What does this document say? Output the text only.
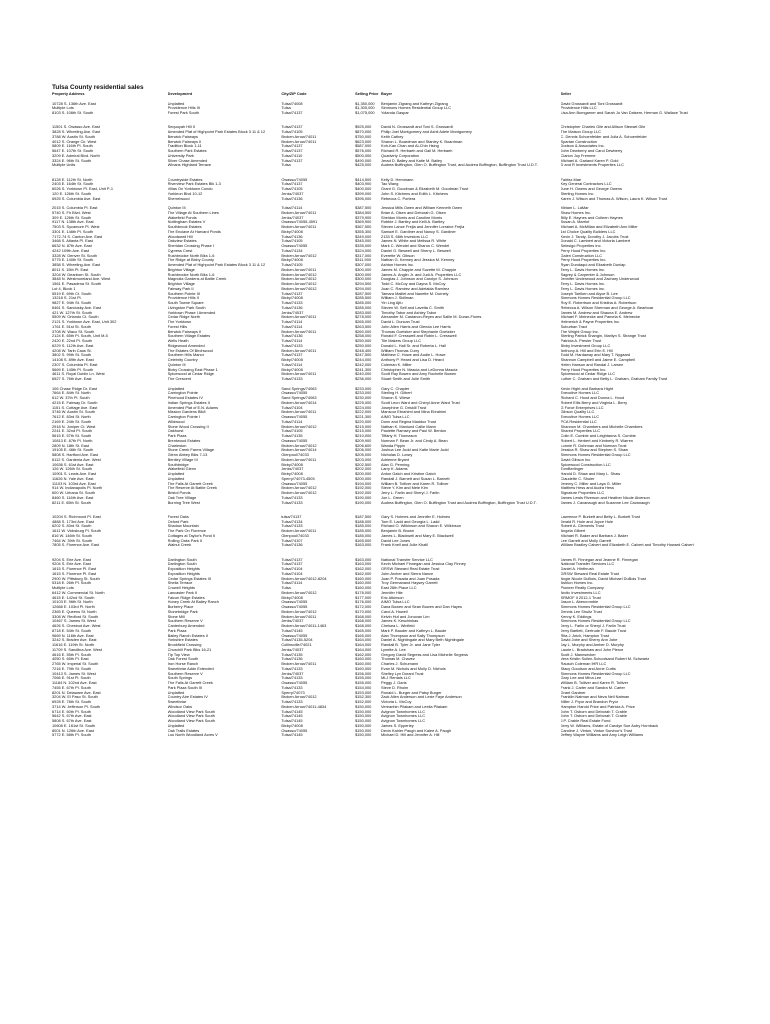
Tulsa County residential sales
Property Address	Development	City/ZIP Code	Selling Price Buyer	Seller
10728 S. 136th Ave. East	Unplatted	Tulsa/74008	$1,350,000	Benjamin Zigrang and Kathryn Zigrang	David Grossardt and Toni Grossardt
Multiple Lots	Providence Hills III	Tulsa	$1,305,000	Simmons Homes Residential Group LLC	Providence Hills LLC
8103 S. 106th St. South	Forest Park South	Tulsa/74137	$1,075,000	Yolanda Gaspar	Lisa Ann Bumgarner and Sarah Jo Van Dalsem, Herman G. Wallace Trust
11501 S. Owasso Ave. East	Sequoyah Hill II	Tulsa/74137	$925,000	David N. Grossardt and Toni S. Grossardt	Christopher Charles Gile and Allison Stewart Gile
3828 S. Wheeling Ave. East	Amended Plat of Highpoint Park Estates Block 3 11 & 12	Tulsa/74105	$870,000	Philip Joel Montgomery and Ashli Adele Montgomery	The Maison Group LLC
3788 W. Austin St. South	Berwick Fairways	Broken Arrow/74011	$750,000	Keith Cathey	C. Dennis Schoenfelder and Julia A. Schoenfelder
4012 S. Orange Cir. West	Berwick Fairways II	Broken Arrow/74011	$623,000	Sharon L. Boardman and Stanley K. Boardman	Spartan Construction
5809 E. 116th Pl. South	Tradition Block 1-11	Tulsa/74137	$587,000	Koh-Kan Chan and Ai-Chin Hsing	Dodson & Associates Inc.
5647 E. 107th St. South	Southern Park Estates	Tulsa/74137	$576,000	Richard R. Herbaeh and Gail M. Herbaeh	John Dewberry and Carol Dewberry
3209 E. Admiral Blvd. North	University Park	Tulsa/74110	$500,000	Quadvirty Corporation	Clarion Joy Fremme
3324 E. 96th St. South	Silver Chase Amended	Tulsa/74137	$490,000	Jerad D. Bailey and Katie M. Bailey	Michael A. Garland Karen P. Gold
Multiple Units	Winans Highland Terrace	Tulsa	$425,000	Audrea Buffington, Glen O. Buffington Trust, and Audrea Buffington, Buffington Trust U.D.T.	D and R Investments Properties LLC
8128 E. 112th St. North	Countryside Estates	Owasso/74055	$414,500	Kelly D. Hemmann	Fairfax Mae
2403 E. 164th St. South	Riverview Park Estates Blk 1-3	Tulsa/74137	$403,900	Tao Wang	Key General Contractors LLC
6026 S. Yorktown Pl. East, Unit P-1	Villas On Yorktown Condo	Tulsa/74105	$400,000	Grant G. Goodman & Elizabeth M. Goodman Trust	June H. Owens and George Owens
120 E. 126th St. South	Yorkleon Blvd 10-12	Jenks/74037	$399,000	John S. Kitchens and Edith L. Kitchens	Sterling Homes Inc.
6925 S. Columbia Ave. East	Sherrelwood	Tulsa/74136	$395,000	Rebecca C. Portera	Karen J. Wilson and Thomas A. Wilson, Laura K. Wilson Trust
2015 S. Columbia Pl. East	Quinton III	Tulsa/74114	$387,500	Jessica Mills Owen and William Kenneth Owen	Miriam L. LaMar
5740 S. Fir Blvd. West	The Village At Southern Lines	Broken Arrow/74011	$384,500	Brian A. Olsen and Deborah G. Olsen	Shaw Homes Inc.
309 E. 126th St. South	Wakefield Ponds	Jenks/74037	$379,900	Sheldon Morris and Caroline Morris	Billy E. Haynes and Colleen Haynes
9117 N. 138th Ave. East	Nottingham Estates V	Owasso/74055-4591	$369,900	Robbie J. Bartley and Kelli A. Bartley	Susan A. Marriot
7503 S. Sycamore Pl. West	Southbrook Estates	Broken Arrow/74011	$367,500	Steven Lance Frejla and Jennifer Lorraine Frejla	Michael A. McMillan and Elizabeth Ann Miller
3301 E. 146th Pl. South	The Enclave At Harvard Ponds	Bixby/74008	$355,300	Samuel E. Gardiner and Nancy S. Gardiner	1st Choice Quality Builders LLC
7172-74 S. Canton Ave. East	Woodward Hill	Tulsa/74136	$349,000	2133 S. 66th Investors LLC	Kevin J. Tandy, Dorothy J. Jacobs Trust
3468 S. Atlanta Pl. East	Oakview Estates	Tulsa/74105	$345,000	James N. White and Melissa R. White	Donald C. Lambert and Victoria Lambert
6632 N. 87th Ave. East	Sheridan Crossing Phase I	Owasso/74055	$335,000	Mark C. Wendel and Sharon C. Wendel	Selesigo Properties Inc.
4242 109th Ave. East	Cypress Crest	Tulsa/74134	$324,000	Daniel G. Beswell and Sherry L. Beswell	Perry Hood Properties Inc.
3328 W. Denver St. South	Rushbrooke North Blks 1-6	Broken Arrow/74012	$317,000	Everette W. Gibson	Galen Construction LLC
5775 E. 140th St. South	The Ridge at Bixby County	Bixby/74008	$311,900	Nathan G. Kenney and Jessica M. Kenney	Perry Hood Properties Inc.
3858 S. Wheeling Ave. East	Amended Plat of Highpoint Park Estates Block 3 11 & 12	Tulsa/74105	$307,000	Ashton Homes Inc.	Ryan Dundaqui and Elizabeth Dunlap
8011 S. 15th Pl. East	Brighton Village	Broken Arrow/74011	$300,000	James M. Chappie and Suzette M. Chappie	Terry L. Davis Homes Inc.
3204 W. Dearborn St. South	Rushbrooke North Blks 1-6	Broken Arrow/74012	$300,000	James A. Anglin Jr. and Judi A. Properties LLC	Sagrey & Carpenter & Johnson
3848 N. Westmoreland Ave. West	Magnolia Gardens at Battle Creek	Broken Arrow/74012	$300,000	Douglas J. Johnson and Carolyn S. Johnson	Jennifer Underwood and Zachary Underwood
1561 E. Pasadena St. South	Brighton Village	Broken Arrow/74012	$294,500	Todd C. McCoy and Dayna S. McCoy	Terry L. Davis Homes Inc.
Lot 4, Block 1	Fairway Park II	Broken Arrow/74012	$294,000	Juan C. Ramirez and Adelaida Ramirez	Terry L. Davis Homes Inc.
5519 E. 69th Ct. South	Southern Pointe III	Tulsa/74137	$287,500	Tamara Maillet and Nanette M. Dornely	Joseph Toelken and Alyce B. Lee
13218 S. 21st Pl.	Providence Hills II	Bixby/74008	$285,500	William J. Skillman	Simmons Homes Residential Group LLC
9827 E. 94th St. South	South Towne Square	Tulsa/74133	$285,000	Yin Ling Ajfu	Roy E. Robertson and Kristina A. Robertson
6461 S. Sandusky Ave. East	Livingston Park South	Tulsa/74136	$285,000	Steven W. Self and Lavetta C. Smith	Rebecca A. Wilson Sherman and George A. Bearboar
421 W. 127th St. South	Yorktown Phase I Amended	Jenks/74037	$283,000	Timothy Tabor and Ashley Tabor	James M. Andrew and Shauna E. Andrew
5509 W. Orlando Ct. South	Cedar Ridge North	Broken Arrow/74011	$278,000	Alexander M. Castanon-Reyes and Sallie M. Duran-Flores	Michael F. Meinecke and Pamela K. Meinecke
2121 S. Yorktown Ave. East, Unit 302	The Yorktown	Tulsa/74114	$265,000	David L. Duncan Trust	Helmerich & Payne Properties Inc.
1761 E. 51st St. South	Forest Hills	Tulsa/74114	$263,500	John Allen Harris and Glenda Lee Harris	Suburban Tract
3708 W. Waco St. South	Berwick Fairways II	Broken Arrow/74011	$260,000	Thomas Goetzker and Stephanie Goetzker	The Wright Group Inc.
2124 E. 65th Pl. South, Unit M-5	Southern Village Estates	Tulsa/74136	$258,000	Ronald F. Cresswell and Robin L. Cresswell	Sterling Patrick Shangin, Marilyn S. Strange Trust
2420 E. 22nd Pl. South	Wells Heath	Tulsa/74114	$250,000	Tile Makers Group LLC	Patricia A. Presler Trust
6229 S. 112th Ave. East	Ridgewood Amended	Tulsa/74133	$250,000	Donald L. Hall Sr. and Roberta L. Hall	Bixby Investment Group LLC
4208 W. Tarin Caus St.	The Estates Of Birchwood	Broken Arrow/74011	$248,400	William Thomas Curry	Anthony A. Hill and Erin E. Hill
3802 S. 99th St. South	Southern Hills Manor	Tulsa/74137	$247,500	Matthew C. Howe and Audie L. Howe	Todd M. Hardaway and Mary T. Nygaard
14108 S. 89th Ave. East	Celebrity Country	Bixby/74008	$244,000	Anthony P. Heard and Lisa D. Heard	Shannon Campbell and Jaime E. Campbell
2307 S. Columbia Pl. East	Quinton III	Tulsa/74114	$242,000	Coleman K. Miller	Helen Hanson and Randal J. Larsen
5669 E. 145th Pl. South	Bixby Crossing East Phase 1	Bixby/74008	$241,300	Christopher N. Mascia and LeDonna Mascia	Perry Hood Properties Inc.
4611 S. Royal Dublin Ln. West	Spicewood at Cedar Ridge	Broken Arrow/74011	$240,000	Scott Ray Bowen and Amy Rochelle Bowen	Spicewood at Cedar Ridge LLC
6527 S. 76th Ave. East	The Crescent	Tulsa/74133	$236,000	Stuart Smith and Julie Smith	Luther C. Graham and Betty L. Graham, Graham Family Trust
106 Chase Ridge Dr. East	Unplatted	Sand Springs/74063	$233,000	Gary C. Chapter	Kevin Hight and Barbara Hight
7664 E. 84th St. North	Carrington Pointe	Owasso/74055	$233,000	Sterling H. Gilbert	Executive Homes LLC
612 W. 37th Pl. South	Pinehood Estates IV	Sand Springs/74063	$230,000	Sharon S. Wiese	Richard C. Hood and Donna L. Hood
4215 E. Fairway Dr. South	Indian Springs Estates II	Broken Arrow/74014	$225,000	Scott Leon Ward and Cheryl Anne Ward Trust	Robert Ellis Berry and Virginia L. Berry
1151 S. Cottage Ave. East	Amended Plat of E.N. Adams	Tulsa/74104	$224,000	Josephine G. Driskill Trust	G Force Enterprises LLC
3746 W. Austin St. South	Mission Gardens Blk8	Broken Arrow/74011	$222,000	Mansour Ebrahimi and Mina Ebrahimi	Gibson Quality LLC
7612 E. 83rd St. North	Carrington Pointe I	Owasso/74055	$221,300	AIMO Tulsa LLC	Executive Homes LLC
2169 E. 24th St. South	Wildwood	Tulsa/74114	$220,000	Donn and Regina Maddox Trust	PCA Residential LLC
2918 N. Juniper Ct. West	Stone Wood Crossing II	Broken Arrow/74012	$215,000	Nathan K. Manlund Callie Mann	Shannon M. Chambers and Michelle Chambers
2241 E. 32nd Pl. South	Oakhurst	Tulsa/74105	$215,000	Paulette Ramsey and Paul W. Benton	Shared Properties LLC
5615 E. 57th St. South	Park Plaza	Tulsa/74135	$210,000	Tiffany H. Thomason	Colin E. Cumbie and Leightanna S. Cumbie
10813 E. 87th Pl. North	Brentwood Estates	Owasso/74055	$209,900	Norman F. Bean Jr. and Cindy A. Bean	Robert L. Herbert and Kimberly R. Warren
2809 N. 18th St. East	Charleston	Broken Arrow/74012	$206,600	Wanda Pippin	Lonnie R. Dohrman and Norman Trust
19105 E. 46th St. South	Stone Creek Farms Village	Broken Arrow/74014	$206,000	Joshua Lee Judd and Katie Marie Judd	Jessica R. Shaw and Stephen S. Shaw
5808 S. Hartford Ave. East	Glenn Abbey Blks 7-13	Glenpool/74033	$205,000	Nicholas D. Lowry	Simmons Homes Residential Group LLC
6112 S. Gardenia Ave. West	Bentley Village III	Broken Arrow/74011	$203,000	Adrienne Bryant	David Gibson Inc.
10636 S. 61st Ave. East	Southbridge	Bixby/74008	$202,500	Alan G. Penning	Spicewood Construction LLC
126 W. 126th St. South	Wakefield Glenn	Jenks/74037	$202,000	Larry K. Adams	TomBerlinger
10901 S. Lewis Ave. East	Unplatted	Bixby/74008	$200,000	Anton Gatch and Kristine Gatch	Harold D. Shaw and Mary L. Shaw
11626 N. Yale Ave. East	Unplatted	Sperry/74073-4505	$200,000	Randall J. Barnett and Susan L. Barnett	Claudette C. Shuler
11103 N. 103rd Ave. East	The Falls At Garrett Creek	Owasso/74055	$194,000	William B. Tolliver and Karen R. Tolliver	Jeremy C. Miller and Laya G. Miller
914 W. Indianapolis Pl. North	The Reserve At Battle Creek	Broken Arrow/74012	$192,000	Steve Y. Kim and Mele Kim	Matthew Hess and Audra Hess
600 W. Urbana St. South	Bristol Ponds	Broken Arrow/74012	$192,000	Jerry L. Farlin and Sheryl J. Farlin	Signature Properties LLC
8460 S. 116th Ave. East	Oak Tree Village	Tulsa/74133	$190,000	Jon L. Green	James Lewis Riverson and Heather Nicole Alverson
8211 E. 65th St. South	Burning Tree West	Tulsa/74133	$190,000	Audrea Buffington, Glen O. Buffington Trust and Audrea Buffington, Buffington Trust U.D.T.	James J. Cavanaugh and Suzanne Lee Cavanaugh
10204 S. Richmond Pl. East	Forest Oaks	tulsa/74137	$187,500	Gary S. Holmes and Jennifer E. Holmes	Lawrence P. Burkett and Betty L. Burkett Trust
4888 S. 173rd Ave. East	Oxford Park	Tulsa/74134	$188,000	Tom E. Ladd and Georgia L. Ladd	Jerald R. Hole and Joyce Hole
6202 S. 83rd St. South	Shadow Mountain	Tulsa/74133	$185,000	Richard O. Wilkinson and Sharon E. Wilkinson	Robert A. Clements Trust
1611 W. Vicksburg Pl. South	The Park On Florence	Broken Arrow/74011	$185,000	Benjamin B. Brown	Angela Gilbert
816 W. 146th St. South	Cottages at Taylor's Pond II	Glenpool/74033	$185,000	James L. Blackwell and Mary E. Blackwell	Michael R. Baker and Barbara J. Baker
7464 W. 39th St. South	Rolling Oaks Park II	Tulsa/74107	$165,000	David Lee Jones	Lee Garrett and Molly Garrett
7805 S. Florence Ave. East	Walnut Creek	Tulsa/74136	$163,000	Frank Knell and Julie Khalil	William Bradley Calvert and Elizabeth E. Calvert and Timothy Howard Calvert
9204 S. Erie Ave. East	Darlington South	Tulsa/74137	$163,000	National Transfer Service LLC	James R. Finnegan and Jeanne R. Finnegan
9204 S. Erie Ave. East	Darlington South	Tulsa/74137	$163,000	Kevin Michael Finnegan and Jessica Clay Finney	National Transfer Services LLC
1615 S. Florence Pl. East	Exposition Heights	Tulsa/74104	$162,000	GRSW Steward Real Estate Trust	Daniel A. Hinthrush
1615 S. Florence Pl. East	Exposition Heights	Tulsa/74104	$162,000	John Archer and Sierra Nance	GRSW Steward Real Estate Trust
2900 W. Pittsburg St. South	Cedar Springs Estates III	Broken Arrow/74012-8204	$160,000	Juan P. Posada and Juan Posada	Angie Nicole DuBois, David Michael DuBois Trust
5318 E. 26th Pl. South	Sheila Terrace	Tulsa/74114	$160,000	Troy Germanand Haysey Garrett	Ashton Homes Inc.
Multiple Lots	Crowell Heights	Tulsa	$160,000	East 26th Place LLC	Pioneer Realty Company
6412 W. Commercial St. North	Lancaster Park II	Broken Arrow/74012	$178,000	Jennifer Hile	Arctic Investments LLC
4615 E. 142nd St. South	Falcon Ridge Estates	Bixby/74008	$177,000	Eric Atkinson	SRMOF II 2012-1 Trust
10103 E. 96th St. North	Honey Creek At Bailey Ranch	Owasso/74055	$176,000	AIMO Tulsa LLC	Jason L. Abercrombie
12666 E. 103rd Pl. North	Burberry Place	Owasso/74055	$172,000	Dana Bowen and Sean Bowen and Dan Hayes	Simmons Homes Residential Group LLC
2365 E. Queens St. North	Stonebridge Park	Broken Arrow/74012	$170,000	Carol A. Howell	Dennis Lee Shultz Trust
3308 W. Redford St. South	Stone Mill	Broken Arrow/74011	$168,000	Kelvin Huf and Jonuvan Lim	Kenny K. Eddings
10467 S. James St. West	Southern Reserve V	Jenks/74037	$168,000	James K. Keschinkas	Simmons Homes Residential Group LLC
4626 S. Chestnut Ave. West	Canterbury Amended	Broken Arrow/74011-1463	$168,000	Chelsea L. Winfield	Jerry L. Farlin or Sheryl J. Farlin Trust
8718 E. 54th St. South	Park Plaza	Tulsa/74145	$165,000	Mark P. Bauder and Kathryn L. Baude	Jerry Bartlett, Gertrude F. Baude Trust
9669 N. 116th Ave. East	Bailey Ranch Estates II	Owasso/74055	$165,000	Alan Thompson and Sally Thompson	Rita J. Arich, Hampton Trust
3242 S. Braden Ave. East	Yorkshire Estates	Tulsa/74135-5204	$164,000	Daniel A. Nightingale and Mary Beth Nightingale	David Jobe and Sherry Ann Jobe
11616 E. 119th St. North	Brookfield Crossing	Collinsville/74021	$164,000	Randall B. Tyler Jr. and Jane Tyler	Jay L. Murphy and Amber D. Murphy
11709 S. Sandlina Ave. West	Churchill Park Blks 16-21	Jenks/74037	$164,000	Lynette A. Lee	Laurie L. Bradshaw and John Pierce
4616 E. 55th Pl. South	Tip Top View	Tulsa/74135	$162,000	Gregory David Segress and Lisa Michelle Segress	Scott J. Mannsecker
4050 S. 65th Pl. East	Oak Forest South	Tulsa/74136	$160,000	Thomas M. Chavez	Vera Kristin Sullen-Schoolsand Robert M. Schwartz
2765 W. Imperial St. South	Iron Horse Ranch	Broken Arrow/74011	$160,000	Charles J. Schumann	Rausch Coleman IHR LLC
7216 E. 79th St. South	Sweetbriar Addn Extended	Tulsa/74133	$160,000	Evan M. Nichols and Molly D. Nichols	Stacy Goodson and Anne Curtis
10413 S. James St. West	Southern Reserve V	Jenks/74037	$156,000	Shelley Lyn Dorant Trust	Simmons Homes Residential Group LLC
7066 E. 91st Pl. South	South Springs	Tulsa/74133	$155,000	MLJ Rentals LLC	Gary Lee and Mina Lee
11184 N. 102nd Ave. East	The Falls At Garrett Creek	Owasso/74055	$155,000	Peggy J. Garis	William B. Tolliver and Karen R. Tolliver
7455 E. 67th Pl. South	Park Plaza South III	Tulsa/74133	$154,000	Steve D. Rhoim	Frank J. Carter and Sandra M. Carter
8201 N. Delaware Ave. East	Unplatted	Sperry/74073	$153,000	Ronald L. Burger and Patsy Burger	Grant Gardner
3204 W. El Paso St. South	Country Aire Estates IV	Broken Arrow/74012	$152,300	Zack Allen Anderson and Lexie Faye Anderson	Franklin Natman and Neva Neil Natman
6928 E. 78th St. South	Sweetbriar	Tulsa/74133	$152,000	Victoria L. McCoy	Miller J. Pryor and Brandon Pryor
3714 W. Jefferson Pl. South	Windsor Oaks	Broken Arrow/74011-4834	$150,000	Vereanhin Pilakam and Leelia Pilakam	Hampton Harold Price and Patricia A. Price
6714 E. 60th Pl. South	Woodland View Park South	Tulsa/74145	$150,000	Avignon Townhomes LLC	John T. Osborn and Deborah T. Crable
5642 S. 67th Ave. East	Woodland View Park South	Tulsa/74145	$150,000	Avignon Townhomes LLC	John T. Osborn and Deborah T. Crable
5808 S. 67th Ave. East	Woodland View Park South	Tulsa/74145	$150,000	Avignon Townhomes LLC	J.P. Crable Real Estate Fund
10608 E. 161st St. South	Unplatted	Bixby/74008	$150,000	James S. Epperley	Jerry W. Williams, Estate of Carolyn Sue Autry Hornback
8001 N. 126th Ave. East	Oak Trails Estates	Owasso/74055	$150,000	Devin Kahler Paugh and Kalee A. Paugh	Caroline J. Vinton, Vinton Survivor's Trust
5772 E. 58th Pl. South	Lou North Woodland Acres V	Tulsa/74145	$150,000	Michael D. Hill and Jennifer A. Hill	Jeffrey Wayne Williams and Amy Leigh Williams
